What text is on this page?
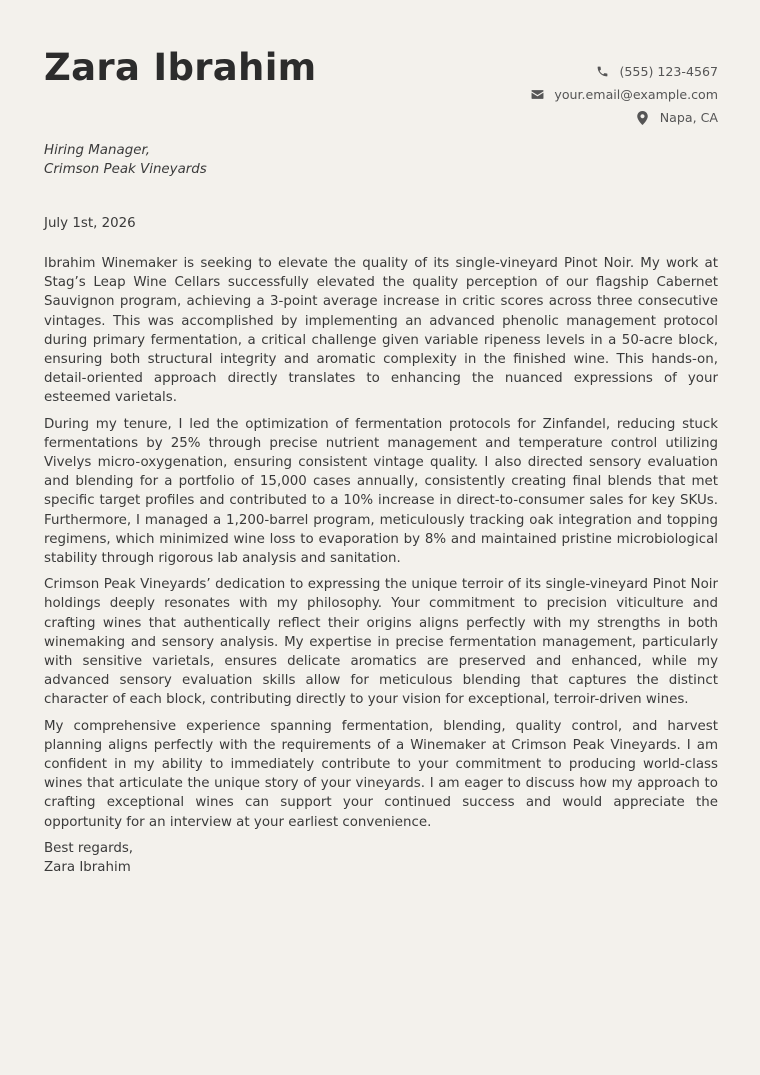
Zara Ibrahim	(555) 123-4567
your.email@example.com
Napa, CA
Hiring Manager,
Crimson Peak Vineyards
July 1st, 2026

Ibrahim Winemaker is seeking to elevate the quality of its single-vineyard Pinot Noir. My work at Stag’s Leap Wine Cellars successfully elevated the quality perception of our flagship Cabernet Sauvignon program, achieving a 3-point average increase in critic scores across three consecutive vintages. This was accomplished by implementing an advanced phenolic management protocol during primary fermentation, a critical challenge given variable ripeness levels in a 50-acre block, ensuring both structural integrity and aromatic complexity in the finished wine. This hands-on, detail-oriented approach directly translates to enhancing the nuanced expressions of your esteemed varietals.

During my tenure, I led the optimization of fermentation protocols for Zinfandel, reducing stuck fermentations by 25% through precise nutrient management and temperature control utilizing Vivelys micro-oxygenation, ensuring consistent vintage quality. I also directed sensory evaluation and blending for a portfolio of 15,000 cases annually, consistently creating final blends that met specific target profiles and contributed to a 10% increase in direct-to-consumer sales for key SKUs. Furthermore, I managed a 1,200-barrel program, meticulously tracking oak integration and topping regimens, which minimized wine loss to evaporation by 8% and maintained pristine microbiological stability through rigorous lab analysis and sanitation.

Crimson Peak Vineyards’ dedication to expressing the unique terroir of its single-vineyard Pinot Noir holdings deeply resonates with my philosophy. Your commitment to precision viticulture and crafting wines that authentically reflect their origins aligns perfectly with my strengths in both winemaking and sensory analysis. My expertise in precise fermentation management, particularly with sensitive varietals, ensures delicate aromatics are preserved and enhanced, while my advanced sensory evaluation skills allow for meticulous blending that captures the distinct character of each block, contributing directly to your vision for exceptional, terroir-driven wines.

My comprehensive experience spanning fermentation, blending, quality control, and harvest planning aligns perfectly with the requirements of a Winemaker at Crimson Peak Vineyards. I am confident in my ability to immediately contribute to your commitment to producing world-class wines that articulate the unique story of your vineyards. I am eager to discuss how my approach to crafting exceptional wines can support your continued success and would appreciate the opportunity for an interview at your earliest convenience.

Best regards,
Zara Ibrahim
